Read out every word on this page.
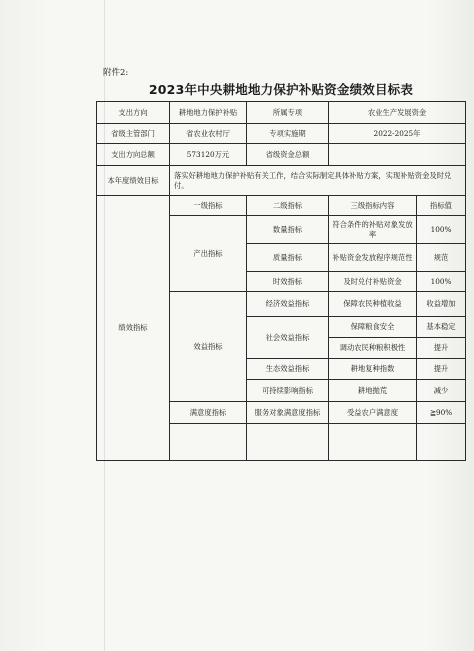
附件2:
2023年中央耕地地力保护补贴资金绩效目标表
支出方向	耕地地力保护补贴	所属专项	农业生产发展资金	
省级主管部门	省农业农村厅	专项实施期	2022-2025年	
支出方向总额	573120万元	省级资金总额		
本年度绩效目标	落实好耕地地力保护补贴有关工作，结合实际制定具体补贴方案，实现补贴资金及时兑付。			
绩效指标	一级指标	二级指标	三级指标内容	指标值
	产出指标	数量指标	符合条件的补贴对象发放率	100%
		质量指标	补贴资金发放程序规范性	规范
		时效指标	及时兑付补贴资金	100%
	效益指标	经济效益指标	保障农民种植收益	收益增加
		社会效益指标	保障粮食安全	基本稳定
			调动农民种粮积极性	提升
		生态效益指标	耕地复种指数	提升
		可持续影响指标	耕地抛荒	减少
	满意度指标	服务对象满意度指标	受益农户满意度	≧90%
